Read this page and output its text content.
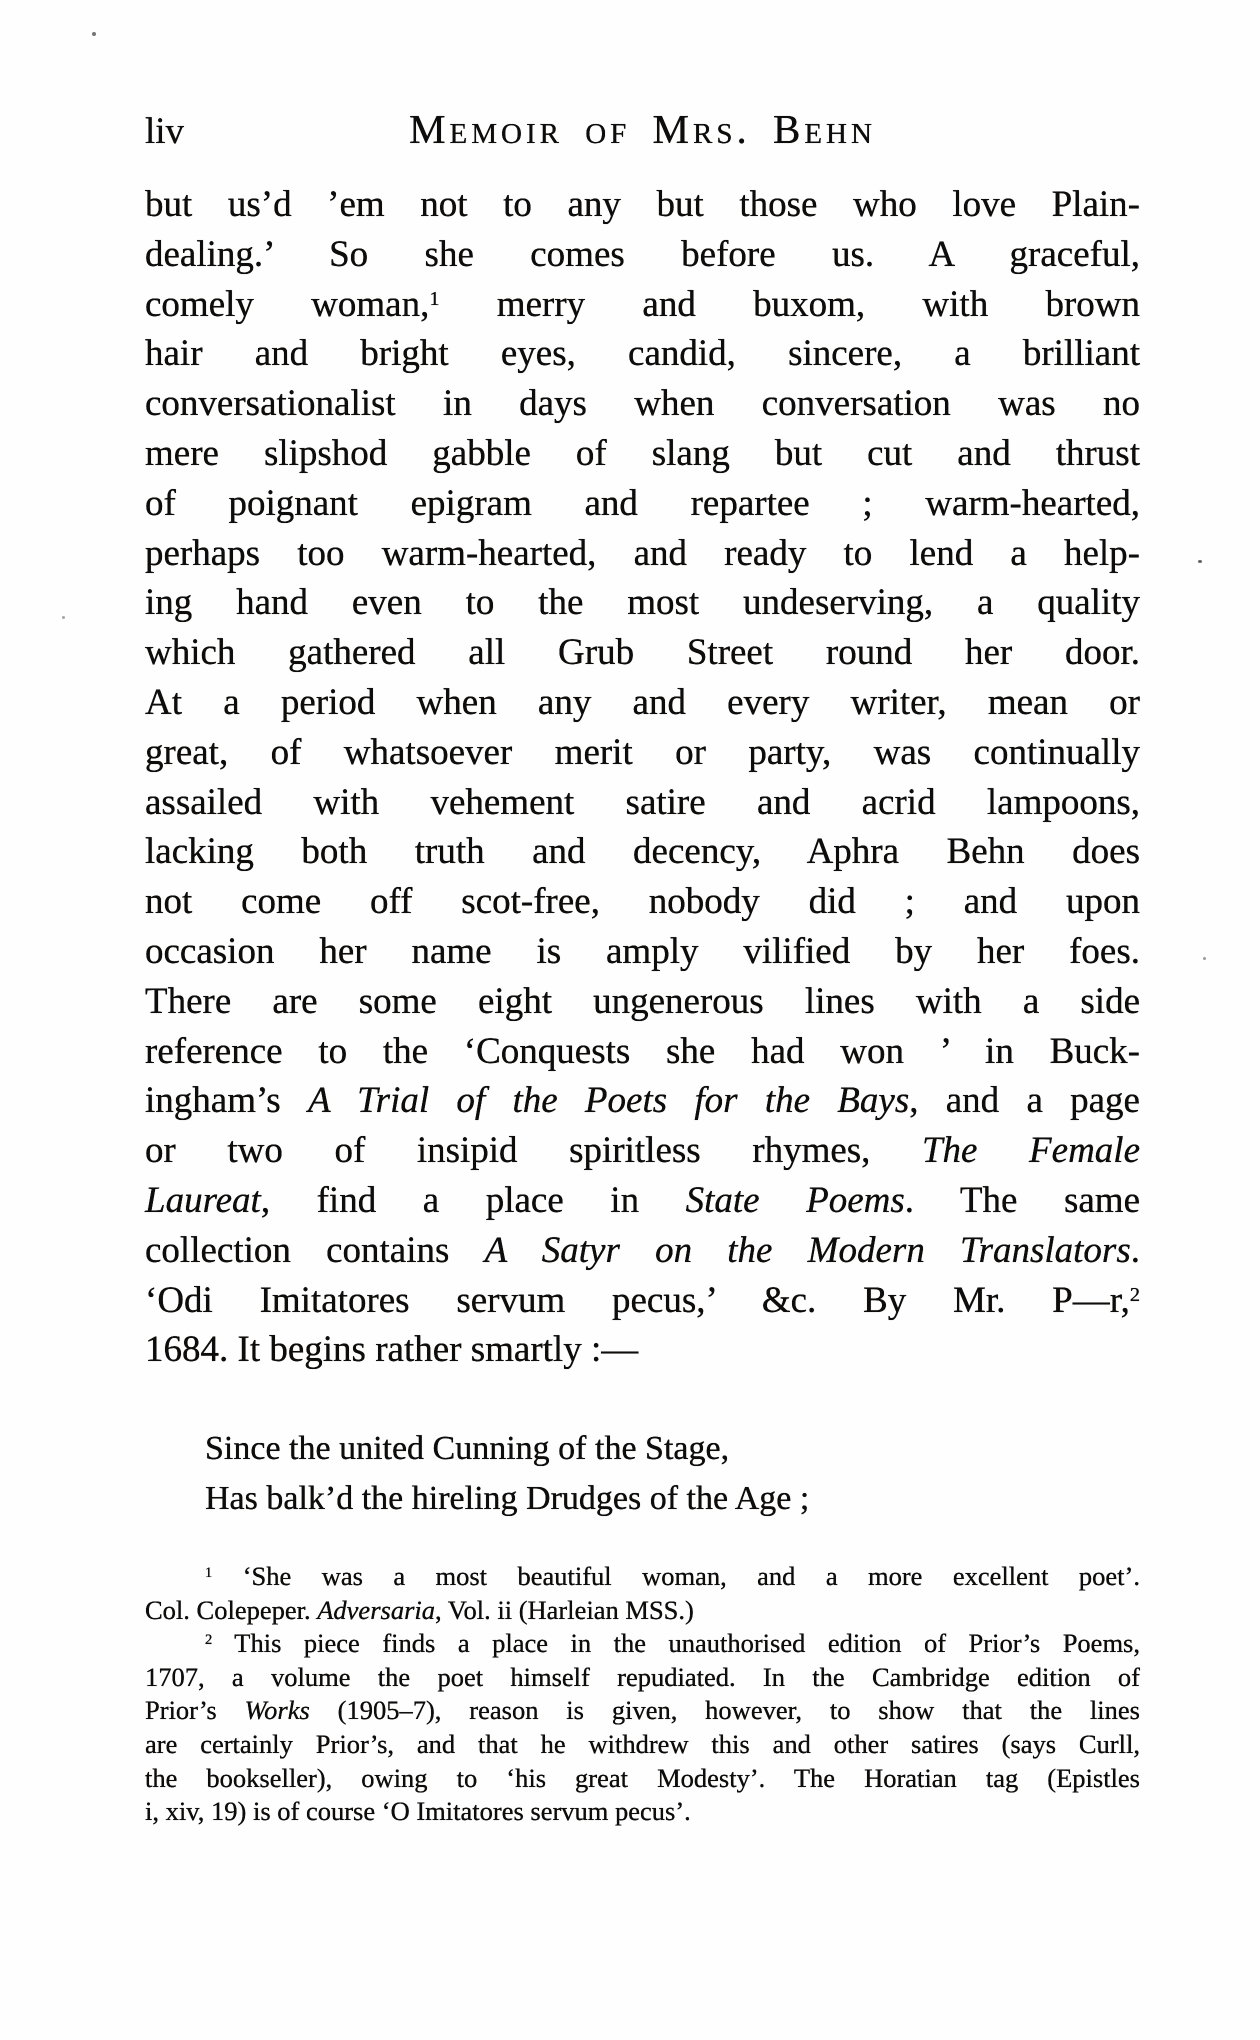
liv	Memoir of Mrs. Behn
but us’d ’em not to any but those who love Plain-
dealing.’ So she comes before us. A graceful,
comely woman,$^1$ merry and buxom, with brown
hair and bright eyes, candid, sincere, a brilliant
conversationalist in days when conversation was no
mere slipshod gabble of slang but cut and thrust
of poignant epigram and repartee ; warm-hearted,
perhaps too warm-hearted, and ready to lend a help-
ing hand even to the most undeserving, a quality
which gathered all Grub Street round her door.
At a period when any and every writer, mean or
great, of whatsoever merit or party, was continually
assailed with vehement satire and acrid lampoons,
lacking both truth and decency, Aphra Behn does
not come off scot-free, nobody did ; and upon
occasion her name is amply vilified by her foes.
There are some eight ungenerous lines with a side
reference to the ‘Conquests she had won ’ in Buck-
ingham’s A Trial of the Poets for the Bays, and a page
or two of insipid spiritless rhymes, The Female
Laureat, find a place in State Poems. The same
collection contains A Satyr on the Modern Translators.
‘Odi Imitatores servum pecus,’ &c. By Mr. P—r,$^2$
1684. It begins rather smartly :—
Since the united Cunning of the Stage,
Has balk’d the hireling Drudges of the Age ;
$^1$ ‘She was a most beautiful woman, and a more excellent poet’.
Col. Colepeper. Adversaria, Vol. ii (Harleian MSS.)
$^2$ This piece finds a place in the unauthorised edition of Prior’s Poems,
1707, a volume the poet himself repudiated. In the Cambridge edition of
Prior’s Works (1905–7), reason is given, however, to show that the lines
are certainly Prior’s, and that he withdrew this and other satires (says Curll,
the bookseller), owing to ‘his great Modesty’. The Horatian tag (Epistles
i, xiv, 19) is of course ‘O Imitatores servum pecus’.
